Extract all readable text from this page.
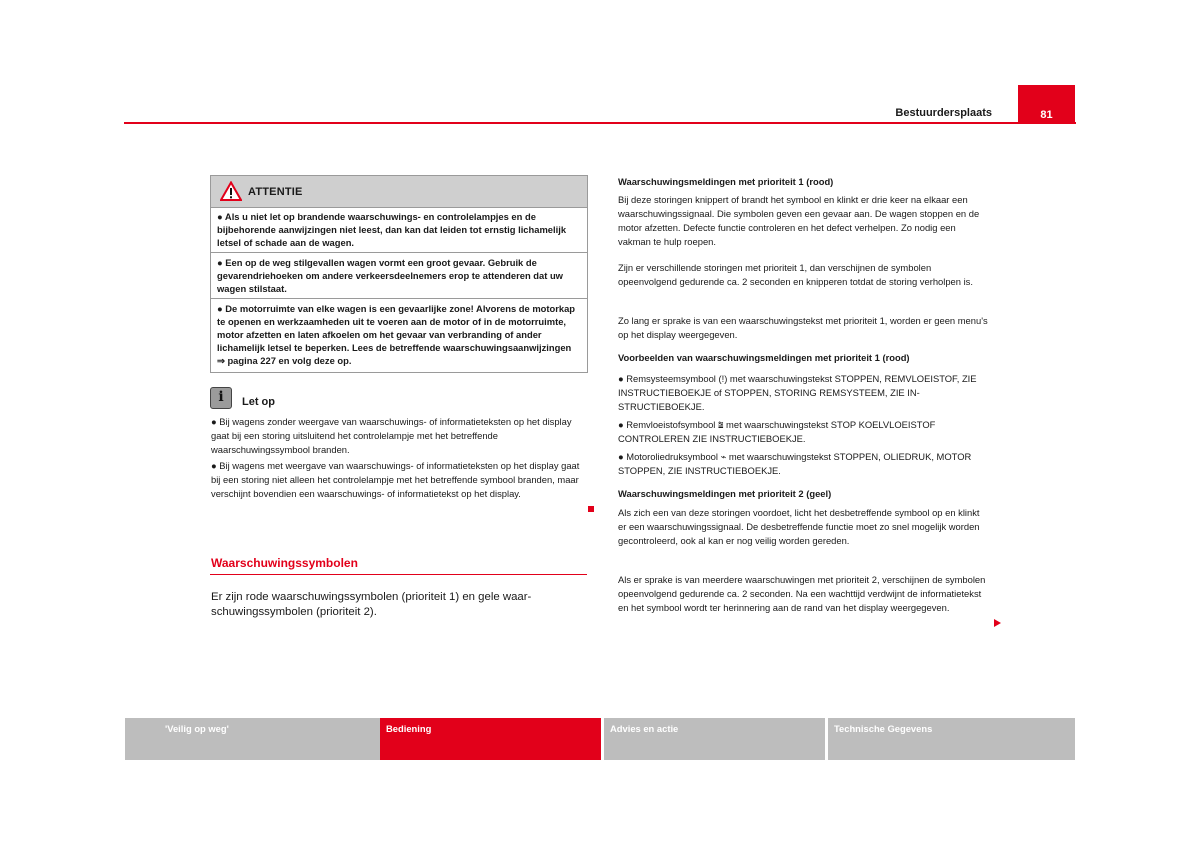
Bestuurdersplaats	81
ATTENTIE
● Als u niet let op brandende waarschuwings- en controlelampjes en de bijbehorende aanwijzingen niet leest, dan kan dat leiden tot ernstig lichamelijk letsel of schade aan de wagen.
● Een op de weg stilgevallen wagen vormt een groot gevaar. Gebruik de gevarendriehoeken om andere verkeersdeelnemers erop te attenderen dat uw wagen stilstaat.
● De motorruimte van elke wagen is een gevaarlijke zone! Alvorens de motorkap te openen en werkzaamheden uit te voeren aan de motor of in de motorruimte, motor afzetten en laten afkoelen om het gevaar van verbranding of ander lichamelijk letsel te beperken. Lees de betreffende waarschuwingsaanwijzingen ⇒ pagina 227 en volg deze op.
i	Let op
● Bij wagens zonder weergave van waarschuwings- of informatieteksten op het display gaat bij een storing uitsluitend het controlelampje met het betreffende waarschuwingssymbool branden.
● Bij wagens met weergave van waarschuwings- of informatieteksten op het display gaat bij een storing niet alleen het controlelampje met het betreffende symbool branden, maar verschijnt bovendien een waarschuwings- of informatietekst op het display.
Waarschuwingssymbolen
Er zijn rode waarschuwingssymbolen (prioriteit 1) en gele waarschuwingssymbolen (prioriteit 2).
Waarschuwingsmeldingen met prioriteit 1 (rood)
Bij deze storingen knippert of brandt het symbool en klinkt er drie keer na elkaar een waarschuwingssignaal. Die symbolen geven een gevaar aan. De wagen stoppen en de motor afzetten. Defecte functie controleren en het defect verhelpen. Zo nodig een vakman te hulp roepen.
Zijn er verschillende storingen met prioriteit 1, dan verschijnen de symbolen opeenvolgend gedurende ca. 2 seconden en knipperen totdat de storing verholpen is.
Zo lang er sprake is van een waarschuwingstekst met prioriteit 1, worden er geen menu's op het display weergegeven.
Voorbeelden van waarschuwingsmeldingen met prioriteit 1 (rood)
● Remsysteemsymbool (!) met waarschuwingstekst STOPPEN, REMVLOEISTOF, ZIE INSTRUCTIEBOEKJE of STOPPEN, STORING REMSYSTEEM, ZIE INSTRUCTIEBOEKJE.
● Remvloeistofsymbool ⩰ met waarschuwingstekst STOP KOELVLOEISTOF CONTROLEREN ZIE INSTRUCTIEBOEKJE.
● Motoroliedruksymbool ⌁ met waarschuwingstekst STOPPEN, OLIEDRUK, MOTOR STOPPEN, ZIE INSTRUCTIEBOEKJE.
Waarschuwingsmeldingen met prioriteit 2 (geel)
Als zich een van deze storingen voordoet, licht het desbetreffende symbool op en klinkt er een waarschuwingssignaal. De desbetreffende functie moet zo snel mogelijk worden gecontroleerd, ook al kan er nog veilig worden gereden.
Als er sprake is van meerdere waarschuwingen met prioriteit 2, verschijnen de symbolen opeenvolgend gedurende ca. 2 seconden. Na een wachttijd verdwijnt de informatietekst en het symbool wordt ter herinnering aan de rand van het display weergegeven.
'Veilig op weg'	Bediening	Advies en actie	Technische Gegevens
